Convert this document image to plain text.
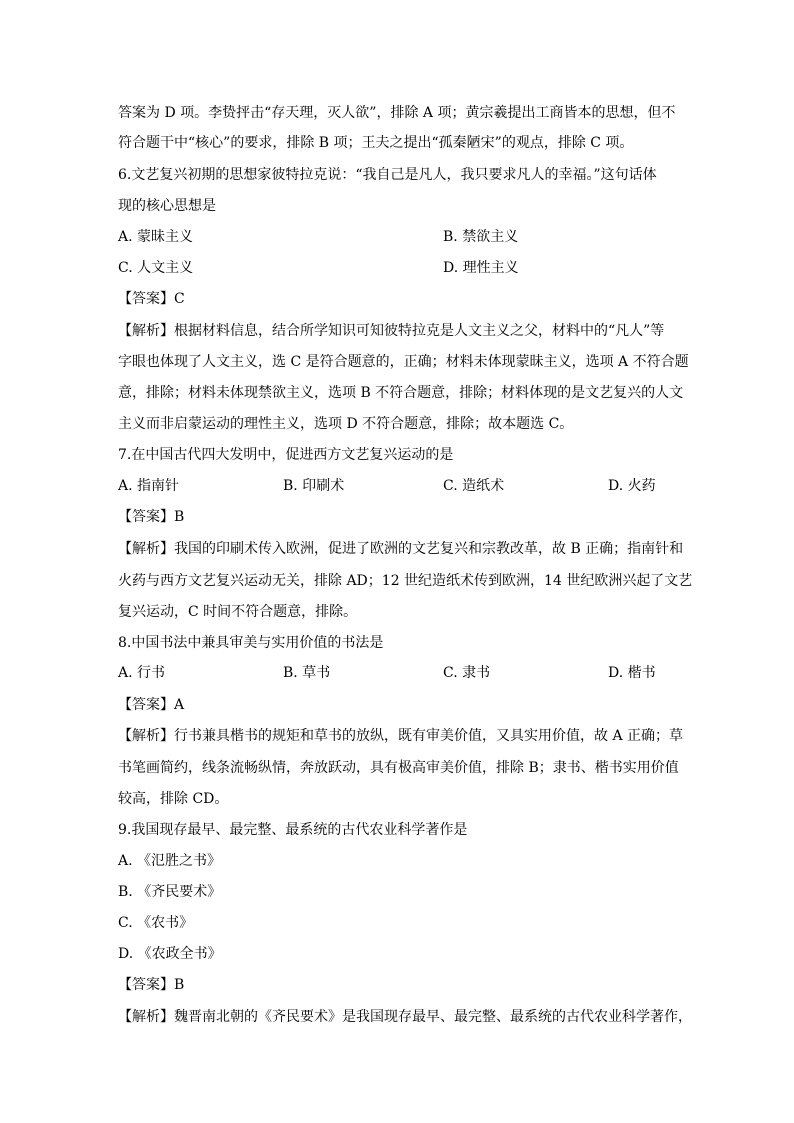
答案为 D 项。李贽抨击“存天理，灭人欲”，排除 A 项；黄宗羲提出工商皆本的思想，但不
符合题干中“核心”的要求，排除 B 项；王夫之提出“孤秦陋宋”的观点，排除 C 项。
6.文艺复兴初期的思想家彼特拉克说：“我自己是凡人，我只要求凡人的幸福。”这句话体
现的核心思想是
A. 蒙昧主义	B. 禁欲主义
C. 人文主义	D. 理性主义
【答案】C
【解析】根据材料信息，结合所学知识可知彼特拉克是人文主义之父，材料中的“凡人”等
字眼也体现了人文主义，选 C 是符合题意的，正确；材料未体现蒙昧主义，选项 A 不符合题
意，排除；材料未体现禁欲主义，选项 B 不符合题意，排除；材料体现的是文艺复兴的人文
主义而非启蒙运动的理性主义，选项 D 不符合题意，排除；故本题选 C。
7.在中国古代四大发明中，促进西方文艺复兴运动的是
A. 指南针	B. 印刷术	C. 造纸术	D. 火药
【答案】B
【解析】我国的印刷术传入欧洲，促进了欧洲的文艺复兴和宗教改革，故 B 正确；指南针和
火药与西方文艺复兴运动无关，排除 AD；12 世纪造纸术传到欧洲，14 世纪欧洲兴起了文艺
复兴运动，C 时间不符合题意，排除。
8.中国书法中兼具审美与实用价值的书法是
A. 行书	B. 草书	C. 隶书	D. 楷书
【答案】A
【解析】行书兼具楷书的规矩和草书的放纵，既有审美价值，又具实用价值，故 A 正确；草
书笔画简约，线条流畅纵情，奔放跃动，具有极高审美价值，排除 B；隶书、楷书实用价值
较高，排除 CD。
9.我国现存最早、最完整、最系统的古代农业科学著作是
A. 《氾胜之书》
B. 《齐民要术》
C. 《农书》
D. 《农政全书》
【答案】B
【解析】魏晋南北朝的《齐民要术》是我国现存最早、最完整、最系统的古代农业科学著作，
